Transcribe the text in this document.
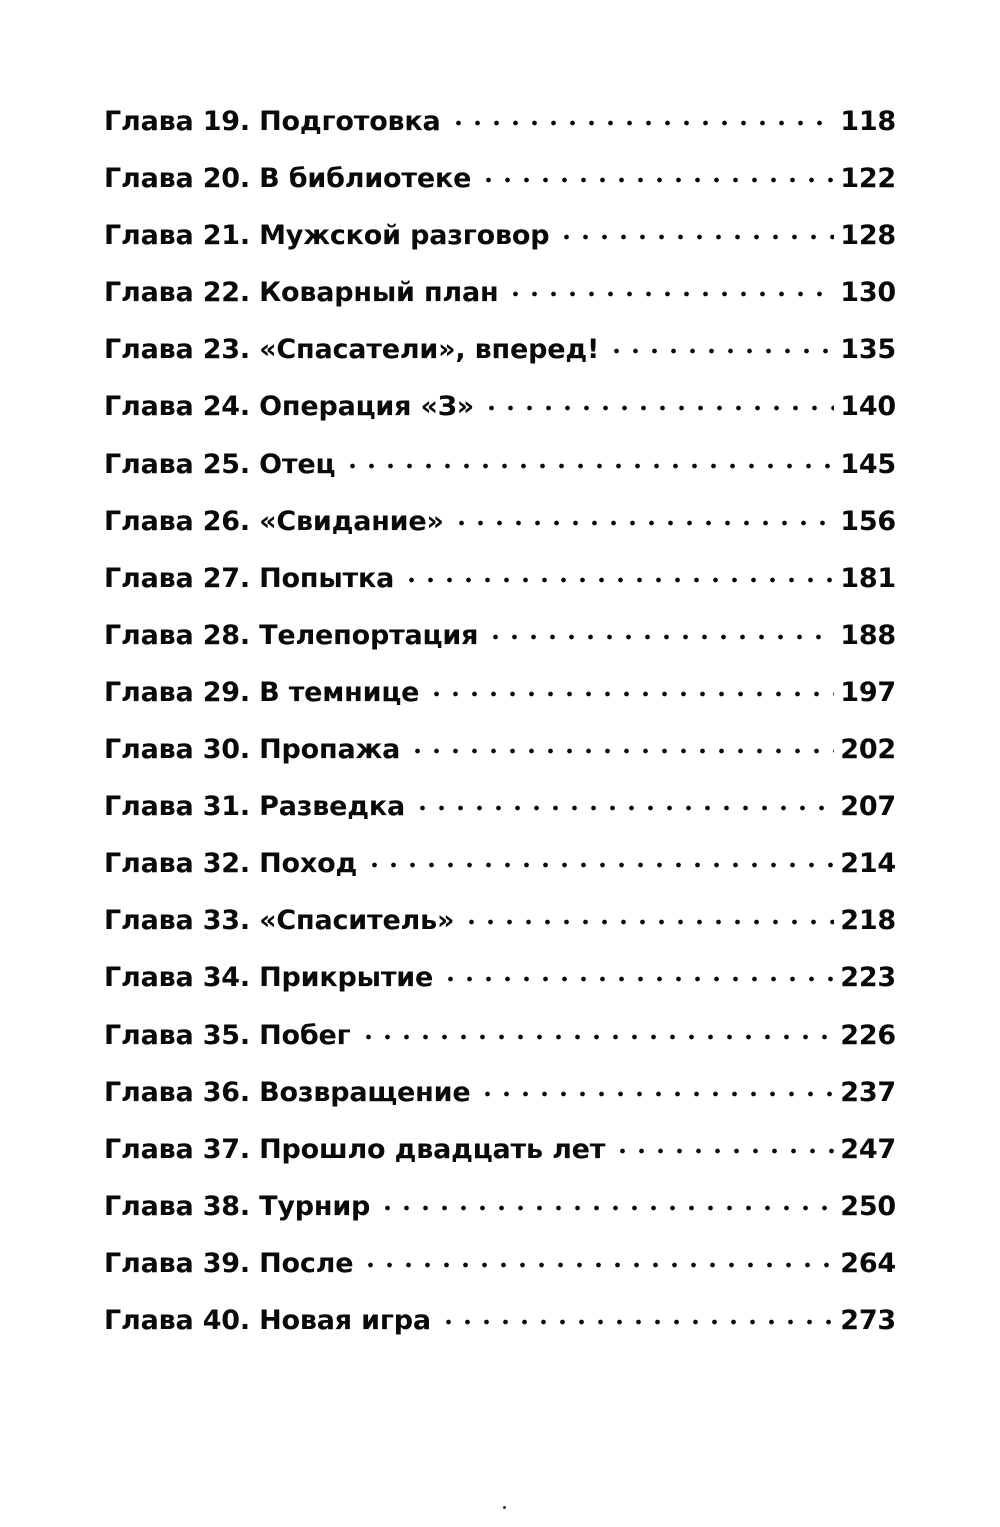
Глава 19. Подготовка	118
Глава 20. В библиотеке	122
Глава 21. Мужской разговор	128
Глава 22. Коварный план	130
Глава 23. «Спасатели», вперед!	135
Глава 24. Операция «З»	140
Глава 25. Отец	145
Глава 26. «Свидание»	156
Глава 27. Попытка	181
Глава 28. Телепортация	188
Глава 29. В темнице	197
Глава 30. Пропажа	202
Глава 31. Разведка	207
Глава 32. Поход	214
Глава 33. «Спаситель»	218
Глава 34. Прикрытие	223
Глава 35. Побег	226
Глава 36. Возвращение	237
Глава 37. Прошло двадцать лет	247
Глава 38. Турнир	250
Глава 39. После	264
Глава 40. Новая игра	273
